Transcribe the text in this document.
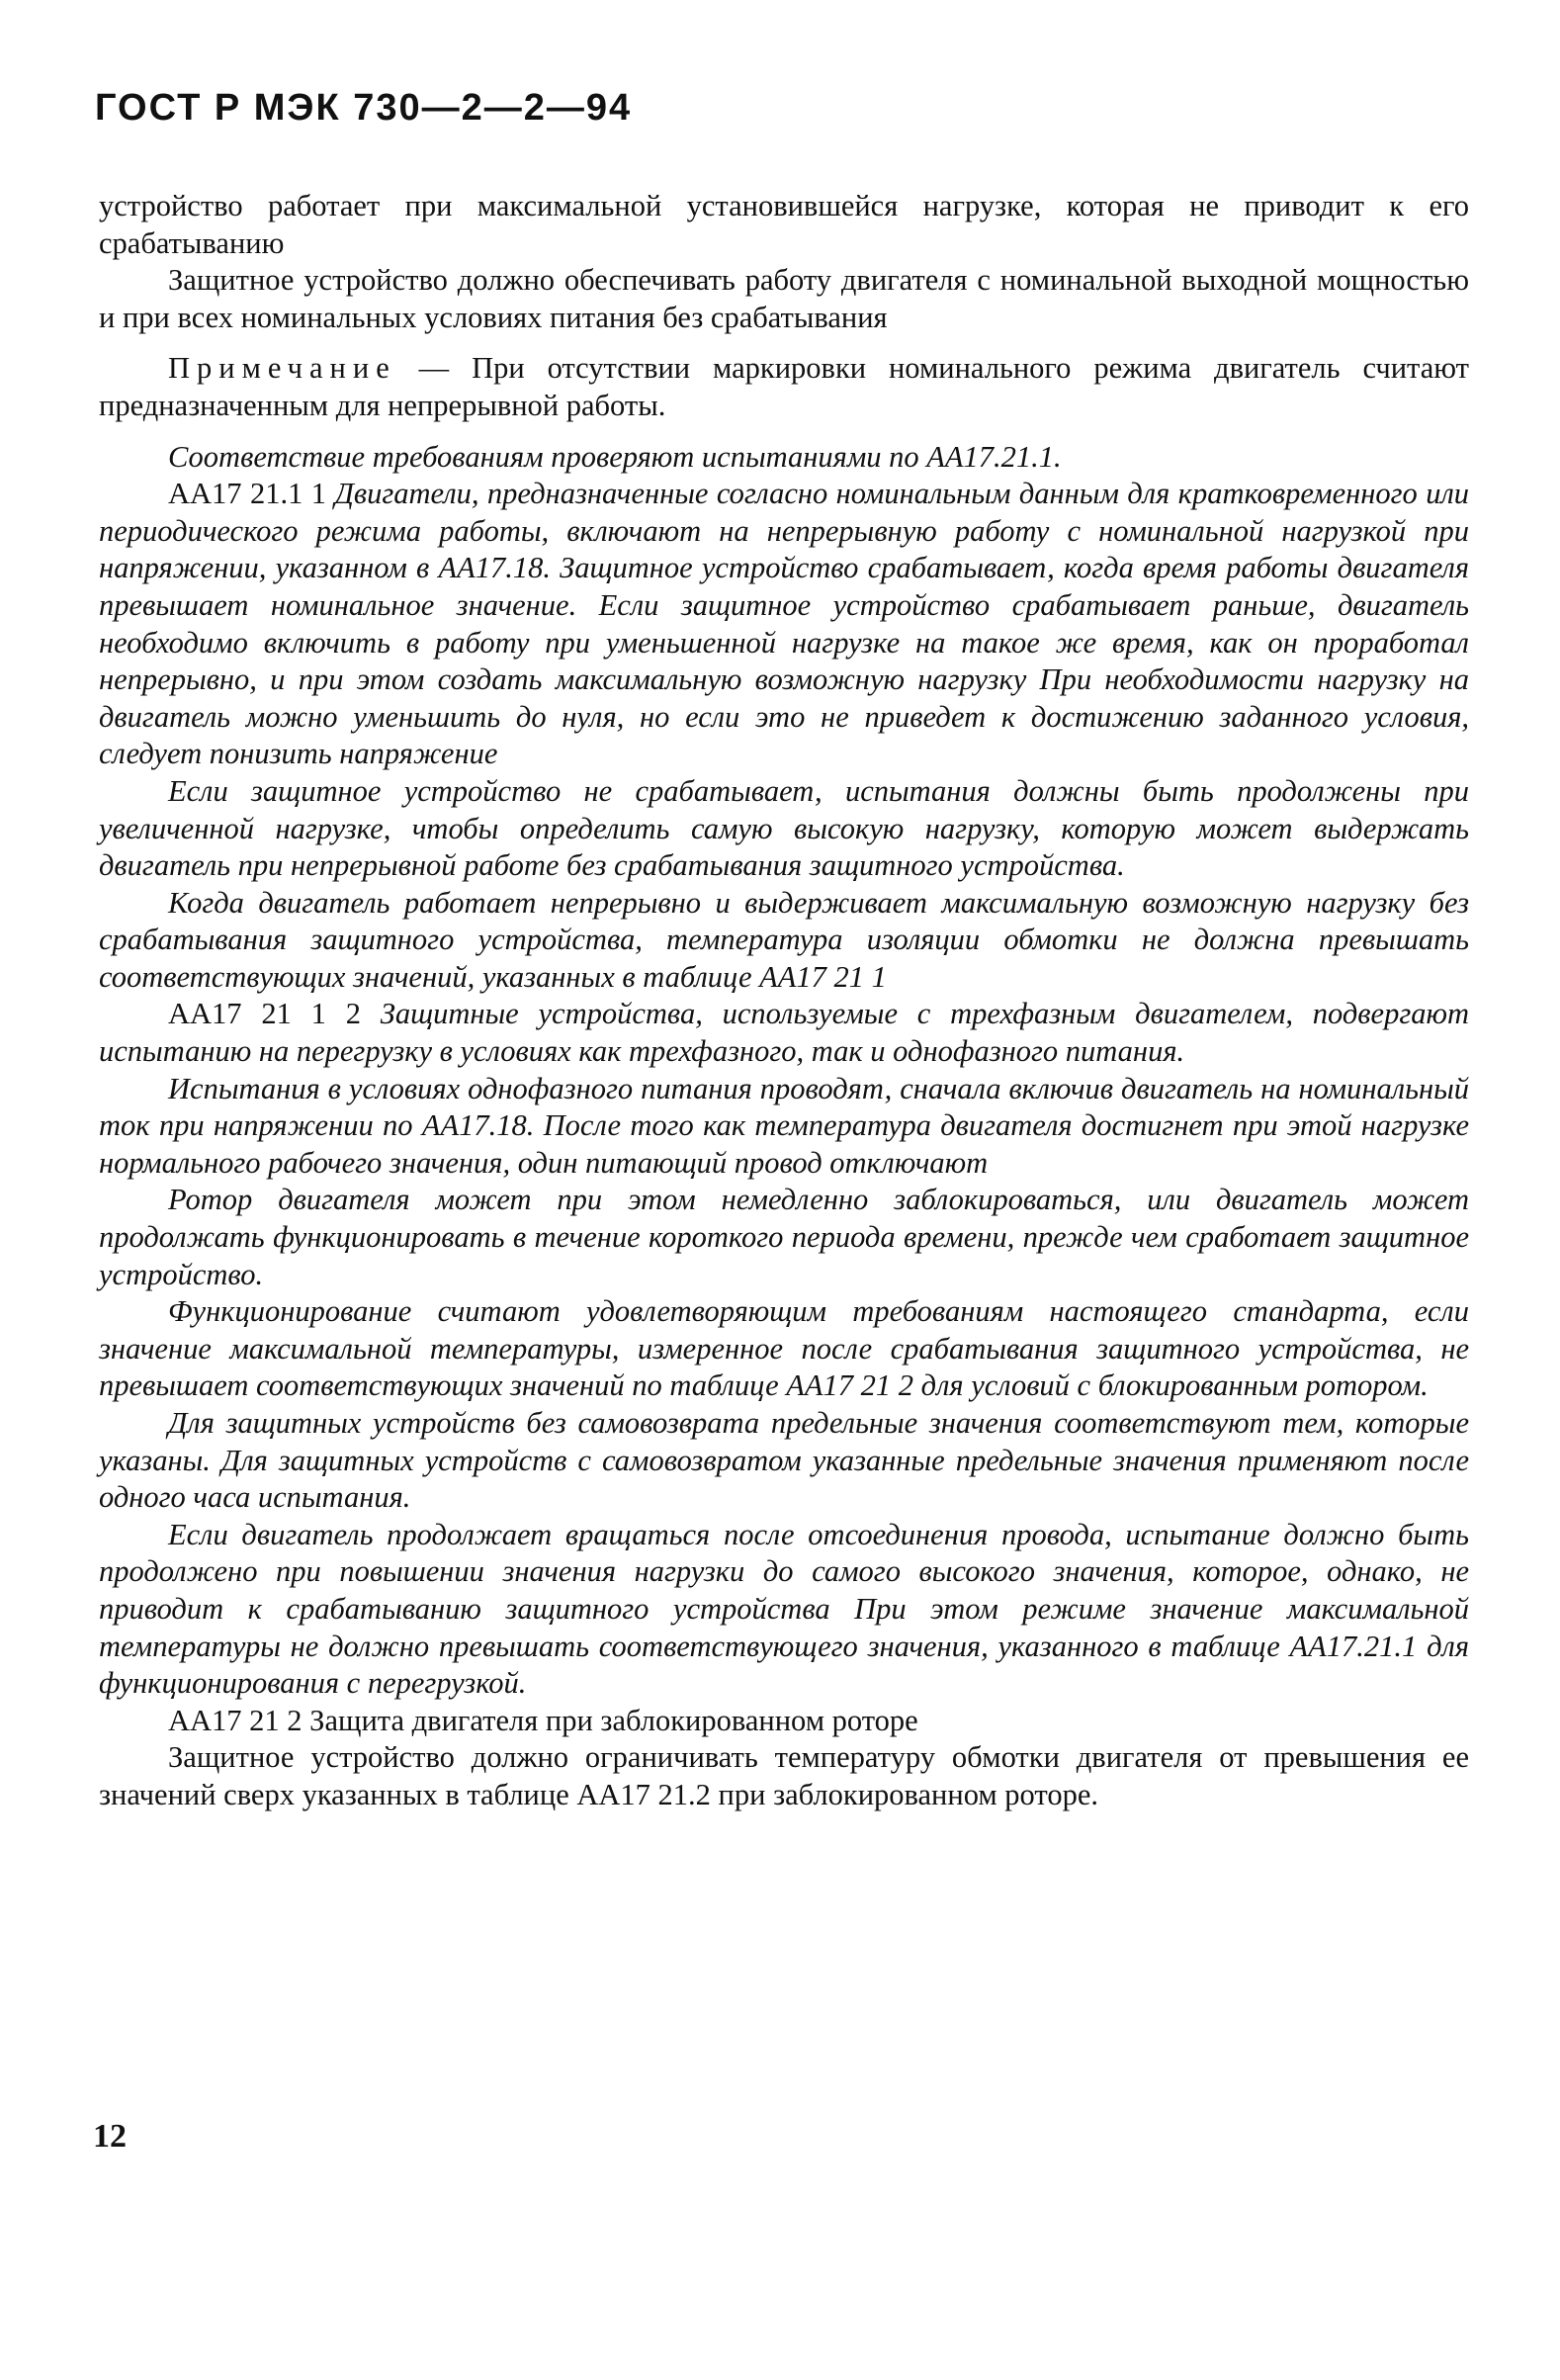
ГОСТ Р МЭК 730—2—2—94

устройство работает при максимальной установившейся нагрузке, которая не приводит к его срабатыванию

Защитное устройство должно обеспечивать работу двигателя с номинальной выходной мощностью и при всех номинальных условиях питания без срабатывания

Примечание — При отсутствии маркировки номинального режима двигатель считают предназначенным для непрерывной работы.

Соответствие требованиям проверяют испытаниями по АА17.21.1.

АА17 21.1 1 Двигатели, предназначенные согласно номинальным данным для кратковременного или периодического режима работы, включают на непрерывную работу с номинальной нагрузкой при напряжении, указанном в АА17.18. Защитное устройство срабатывает, когда время работы двигателя превышает номинальное значение. Если защитное устройство срабатывает раньше, двигатель необходимо включить в работу при уменьшенной нагрузке на такое же время, как он проработал непрерывно, и при этом создать максимальную возможную нагрузку При необходимости нагрузку на двигатель можно уменьшить до нуля, но если это не приведет к достижению заданного условия, следует понизить напряжение

Если защитное устройство не срабатывает, испытания должны быть продолжены при увеличенной нагрузке, чтобы определить самую высокую нагрузку, которую может выдержать двигатель при непрерывной работе без срабатывания защитного устройства.

Когда двигатель работает непрерывно и выдерживает максимальную возможную нагрузку без срабатывания защитного устройства, температура изоляции обмотки не должна превышать соответствующих значений, указанных в таблице АА17 21 1

АА17 21 1 2 Защитные устройства, используемые с трехфазным двигателем, подвергают испытанию на перегрузку в условиях как трехфазного, так и однофазного питания.

Испытания в условиях однофазного питания проводят, сначала включив двигатель на номинальный ток при напряжении по АА17.18. После того как температура двигателя достигнет при этой нагрузке нормального рабочего значения, один питающий провод отключают

Ротор двигателя может при этом немедленно заблокироваться, или двигатель может продолжать функционировать в течение короткого периода времени, прежде чем сработает защитное устройство.

Функционирование считают удовлетворяющим требованиям настоящего стандарта, если значение максимальной температуры, измеренное после срабатывания защитного устройства, не превышает соответствующих значений по таблице АА17 21 2 для условий с блокированным ротором.

Для защитных устройств без самовозврата предельные значения соответствуют тем, которые указаны. Для защитных устройств с самовозвратом указанные предельные значения применяют после одного часа испытания.

Если двигатель продолжает вращаться после отсоединения провода, испытание должно быть продолжено при повышении значения нагрузки до самого высокого значения, которое, однако, не приводит к срабатыванию защитного устройства При этом режиме значение максимальной температуры не должно превышать соответствующего значения, указанного в таблице АА17.21.1 для функционирования с перегрузкой.

АА17 21 2 Защита двигателя при заблокированном роторе

Защитное устройство должно ограничивать температуру обмотки двигателя от превышения ее значений сверх указанных в таблице АА17 21.2 при заблокированном роторе.

12
